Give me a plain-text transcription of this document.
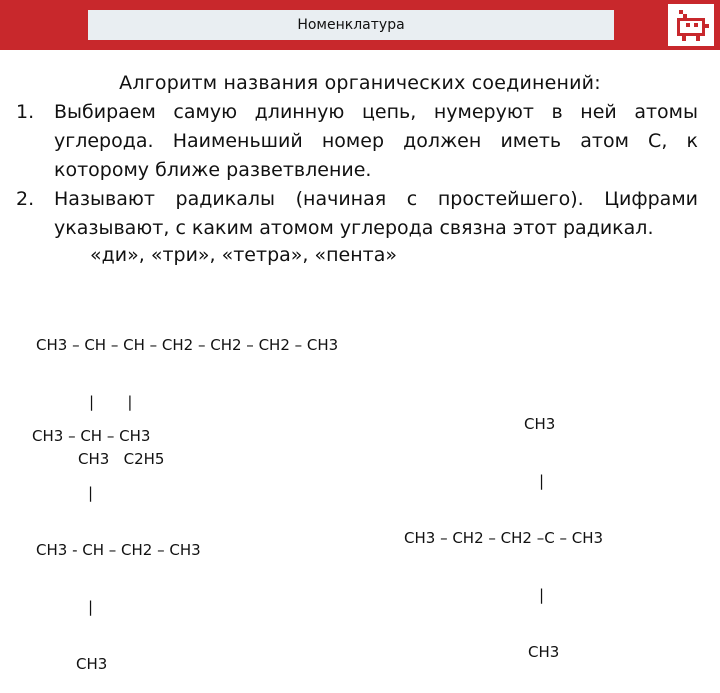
Номенклатура
Алгоритм названия органических соединений:
1. Выбираем самую длинную цепь, нумеруют в ней атомы
углерода. Наименьший номер должен иметь атом С, к
которому ближе разветвление.
2. Называют радикалы (начиная с простейшего). Цифрами
указывают, с каким атомом углерода связна этот радикал.
«ди», «три», «тетра», «пента»

CH3 – CH – CH – CH2 – CH2 – CH2 – CH3

|       |

CH3   C2H5

CH3 – CH – CH3

|

CH3 - CH – CH2 – CH3

|

CH3

CH3

|

CH3 – CH2 – CH2 –C – CH3

|

CH3
